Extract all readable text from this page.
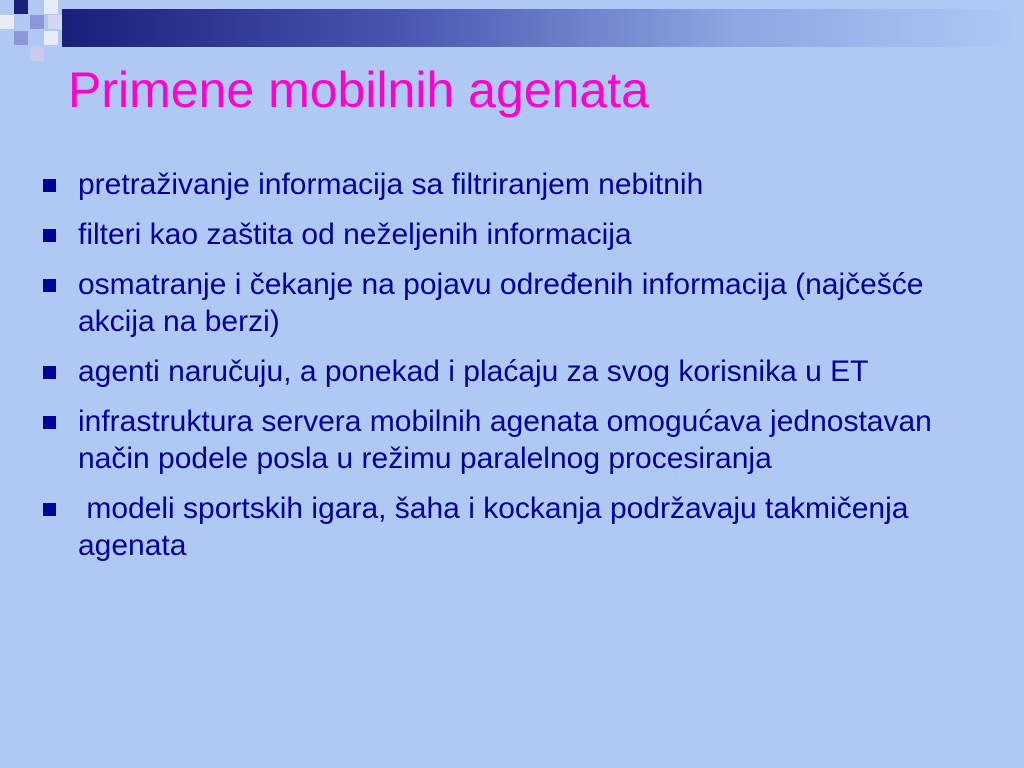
Primene mobilnih agenata
pretraživanje informacija sa filtriranjem nebitnih
filteri kao zaštita od neželjenih informacija
osmatranje i čekanje na pojavu određenih informacija (najčešće akcija na berzi)
agenti naručuju, a ponekad i plaćaju za svog korisnika u ET
infrastruktura servera mobilnih agenata omogućava jednostavan način podele posla u režimu paralelnog procesiranja
modeli sportskih igara, šaha i kockanja podržavaju takmičenja agenata
